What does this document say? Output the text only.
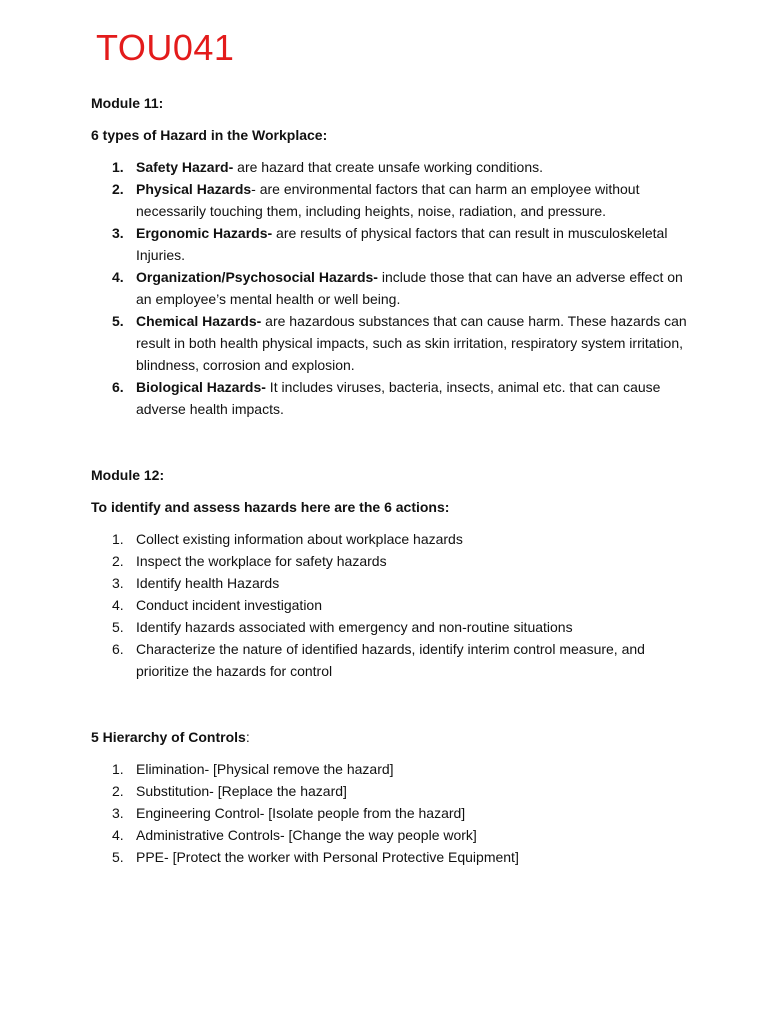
TOU041

Module 11:

6 types of Hazard in the Workplace:

1. Safety Hazard- are hazard that create unsafe working conditions.
2. Physical Hazards- are environmental factors that can harm an employee without necessarily touching them, including heights, noise, radiation, and pressure.
3. Ergonomic Hazards- are results of physical factors that can result in musculoskeletal Injuries.
4. Organization/Psychosocial Hazards- include those that can have an adverse effect on an employee’s mental health or well being.
5. Chemical Hazards- are hazardous substances that can cause harm. These hazards can result in both health physical impacts, such as skin irritation, respiratory system irritation, blindness, corrosion and explosion.
6. Biological Hazards- It includes viruses, bacteria, insects, animal etc. that can cause adverse health impacts.

Module 12:

To identify and assess hazards here are the 6 actions:

1. Collect existing information about workplace hazards
2. Inspect the workplace for safety hazards
3. Identify health Hazards
4. Conduct incident investigation
5. Identify hazards associated with emergency and non-routine situations
6. Characterize the nature of identified hazards, identify interim control measure, and prioritize the hazards for control

5 Hierarchy of Controls:

1. Elimination- [Physical remove the hazard]
2. Substitution- [Replace the hazard]
3. Engineering Control- [Isolate people from the hazard]
4. Administrative Controls- [Change the way people work]
5. PPE- [Protect the worker with Personal Protective Equipment]
